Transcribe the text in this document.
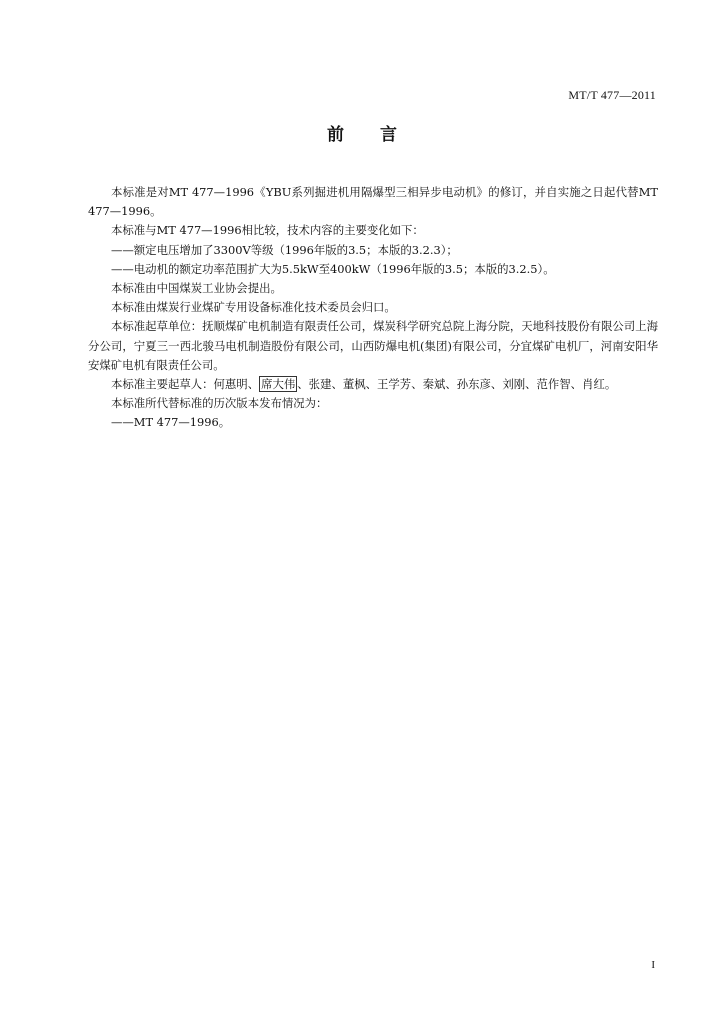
MT/T 477—2011
前 言

本标准是对MT 477—1996《YBU系列掘进机用隔爆型三相异步电动机》的修订，并自实施之日起代替MT 477—1996。

本标准与MT 477—1996相比较，技术内容的主要变化如下：

——额定电压增加了3300V等级（1996年版的3.5；本版的3.2.3）；

——电动机的额定功率范围扩大为5.5kW至400kW（1996年版的3.5；本版的3.2.5）。

本标准由中国煤炭工业协会提出。

本标准由煤炭行业煤矿专用设备标准化技术委员会归口。

本标准起草单位：抚顺煤矿电机制造有限责任公司，煤炭科学研究总院上海分院，天地科技股份有限公司上海分公司，宁夏三一西北骏马电机制造股份有限公司，山西防爆电机(集团)有限公司，分宜煤矿电机厂，河南安阳华安煤矿电机有限责任公司。

本标准主要起草人：何惠明、 席大伟 、张建、董枫、王学芳、秦斌、孙东彦、刘刚、范作智、肖红。

本标准所代替标准的历次版本发布情况为：

——MT 477—1996。

I
